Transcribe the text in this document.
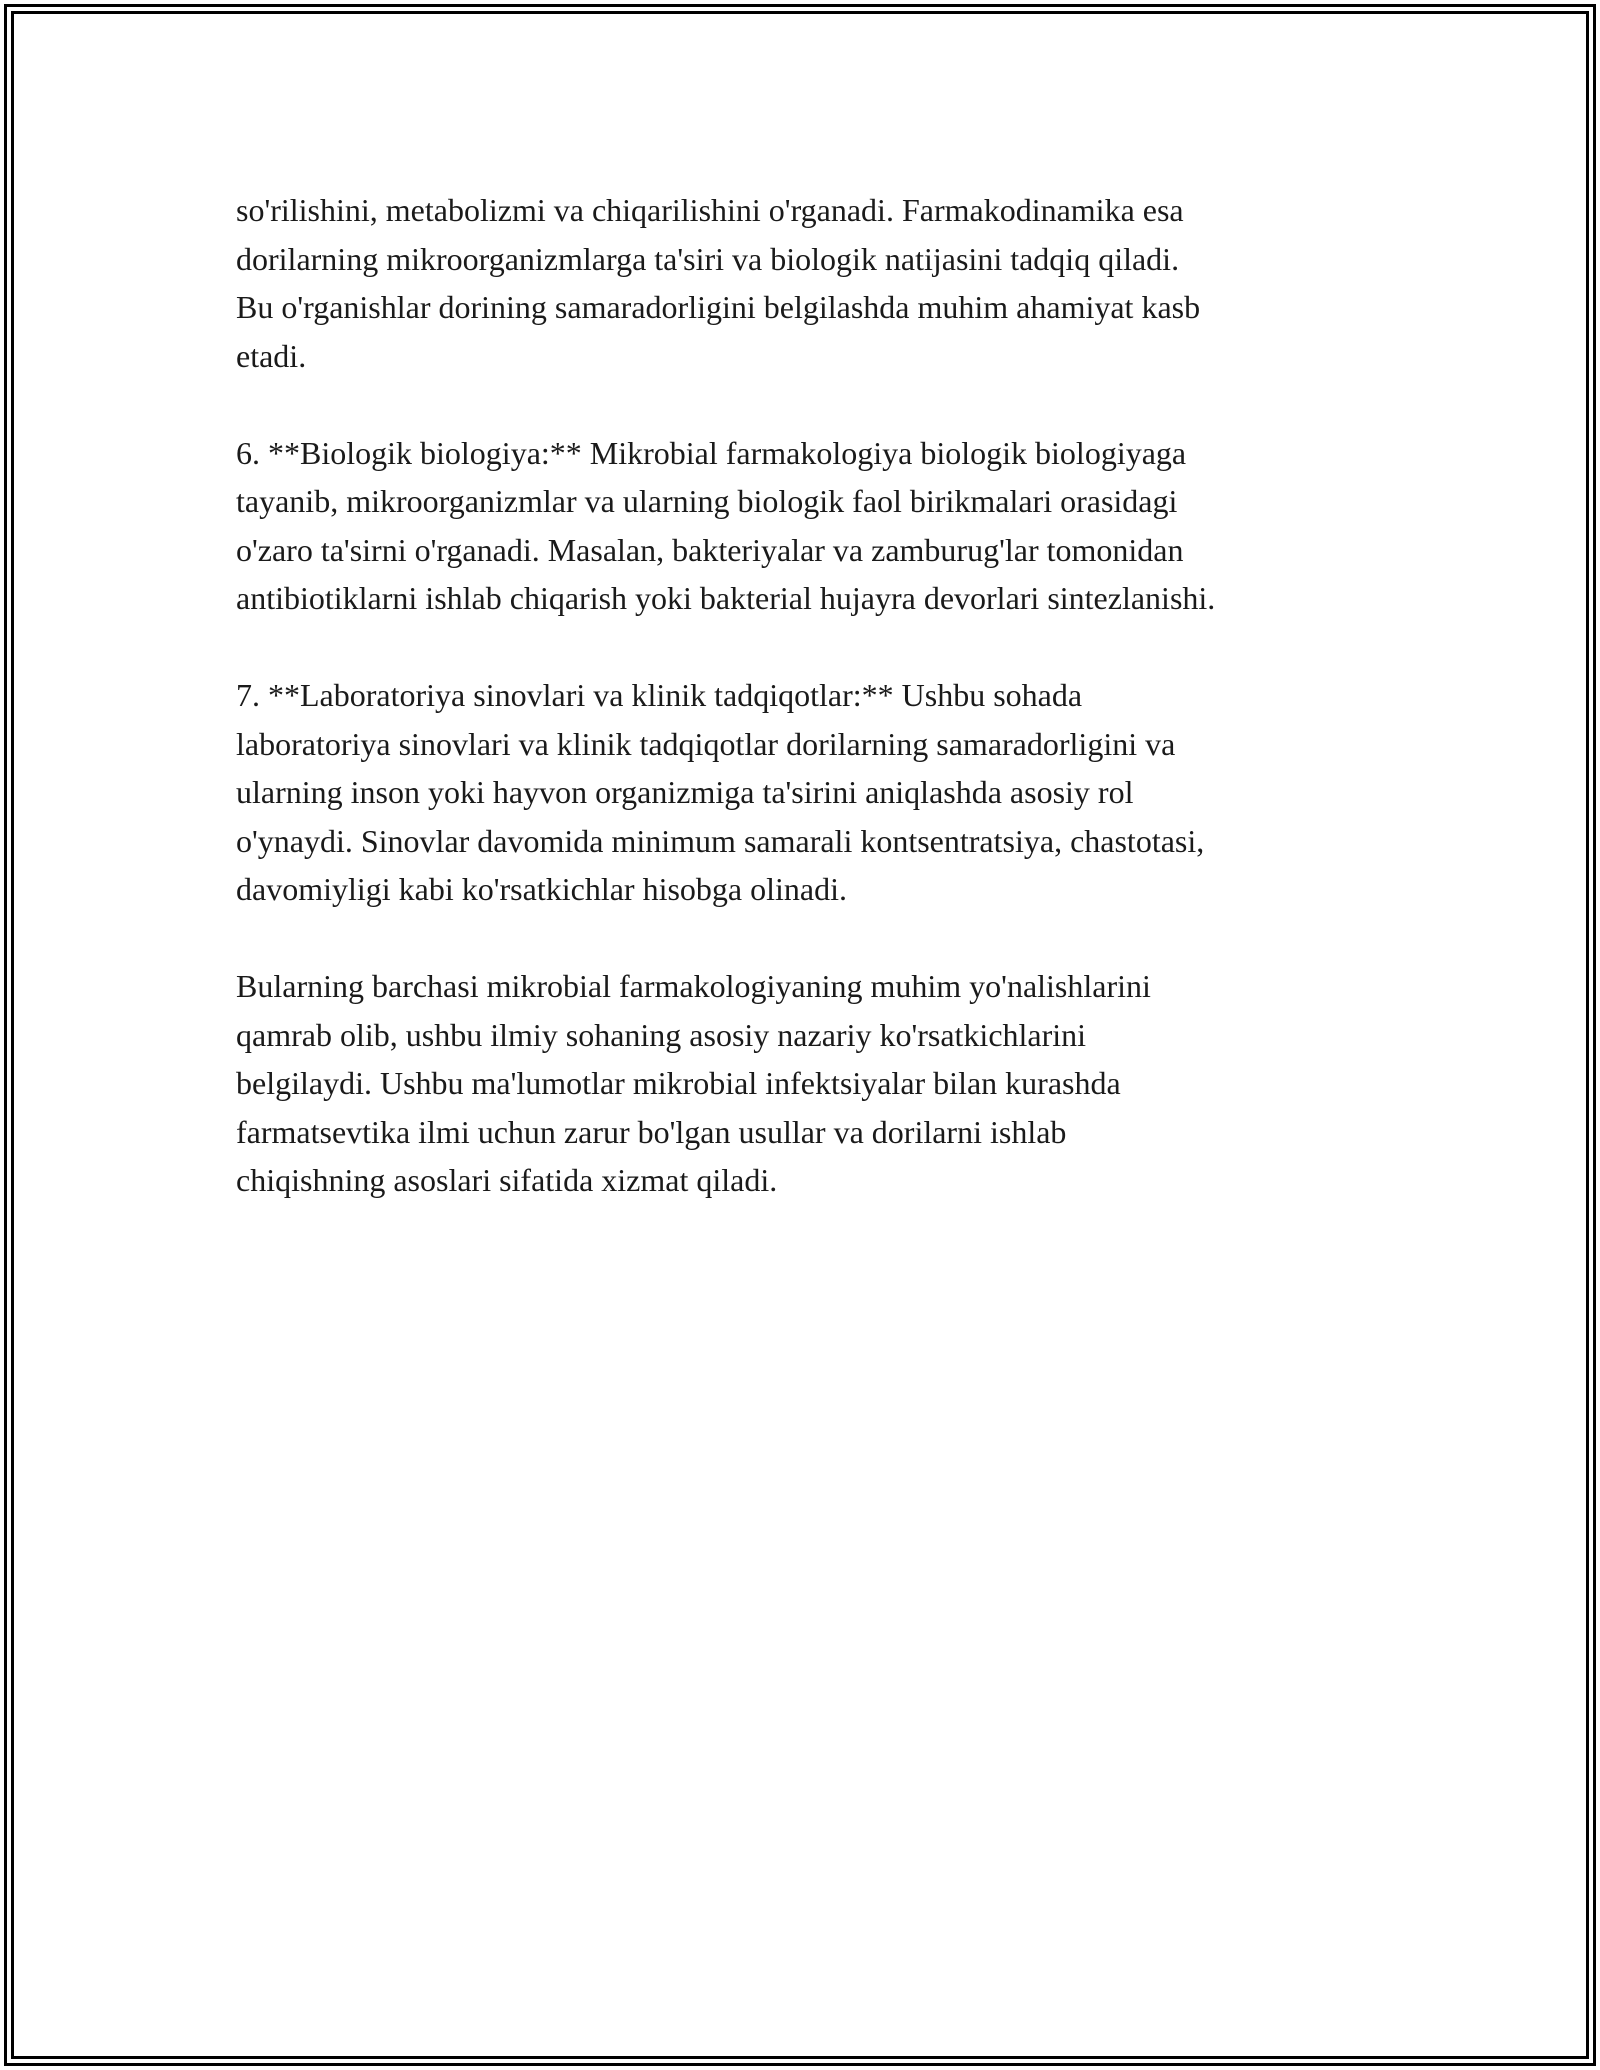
so'rilishini, metabolizmi va chiqarilishini o'rganadi. Farmakodinamika esa
dorilarning mikroorganizmlarga ta'siri va biologik natijasini tadqiq qiladi.
Bu o'rganishlar dorining samaradorligini belgilashda muhim ahamiyat kasb
etadi.

6. **Biologik biologiya:** Mikrobial farmakologiya biologik biologiyaga
tayanib, mikroorganizmlar va ularning biologik faol birikmalari orasidagi
o'zaro ta'sirni o'rganadi. Masalan, bakteriyalar va zamburug'lar tomonidan
antibiotiklarni ishlab chiqarish yoki bakterial hujayra devorlari sintezlanishi.

7. **Laboratoriya sinovlari va klinik tadqiqotlar:** Ushbu sohada
laboratoriya sinovlari va klinik tadqiqotlar dorilarning samaradorligini va
ularning inson yoki hayvon organizmiga ta'sirini aniqlashda asosiy rol
o'ynaydi. Sinovlar davomida minimum samarali kontsentratsiya, chastotasi,
davomiyligi kabi ko'rsatkichlar hisobga olinadi.

Bularning barchasi mikrobial farmakologiyaning muhim yo'nalishlarini
qamrab olib, ushbu ilmiy sohaning asosiy nazariy ko'rsatkichlarini
belgilaydi. Ushbu ma'lumotlar mikrobial infektsiyalar bilan kurashda
farmatsevtika ilmi uchun zarur bo'lgan usullar va dorilarni ishlab
chiqishning asoslari sifatida xizmat qiladi.
